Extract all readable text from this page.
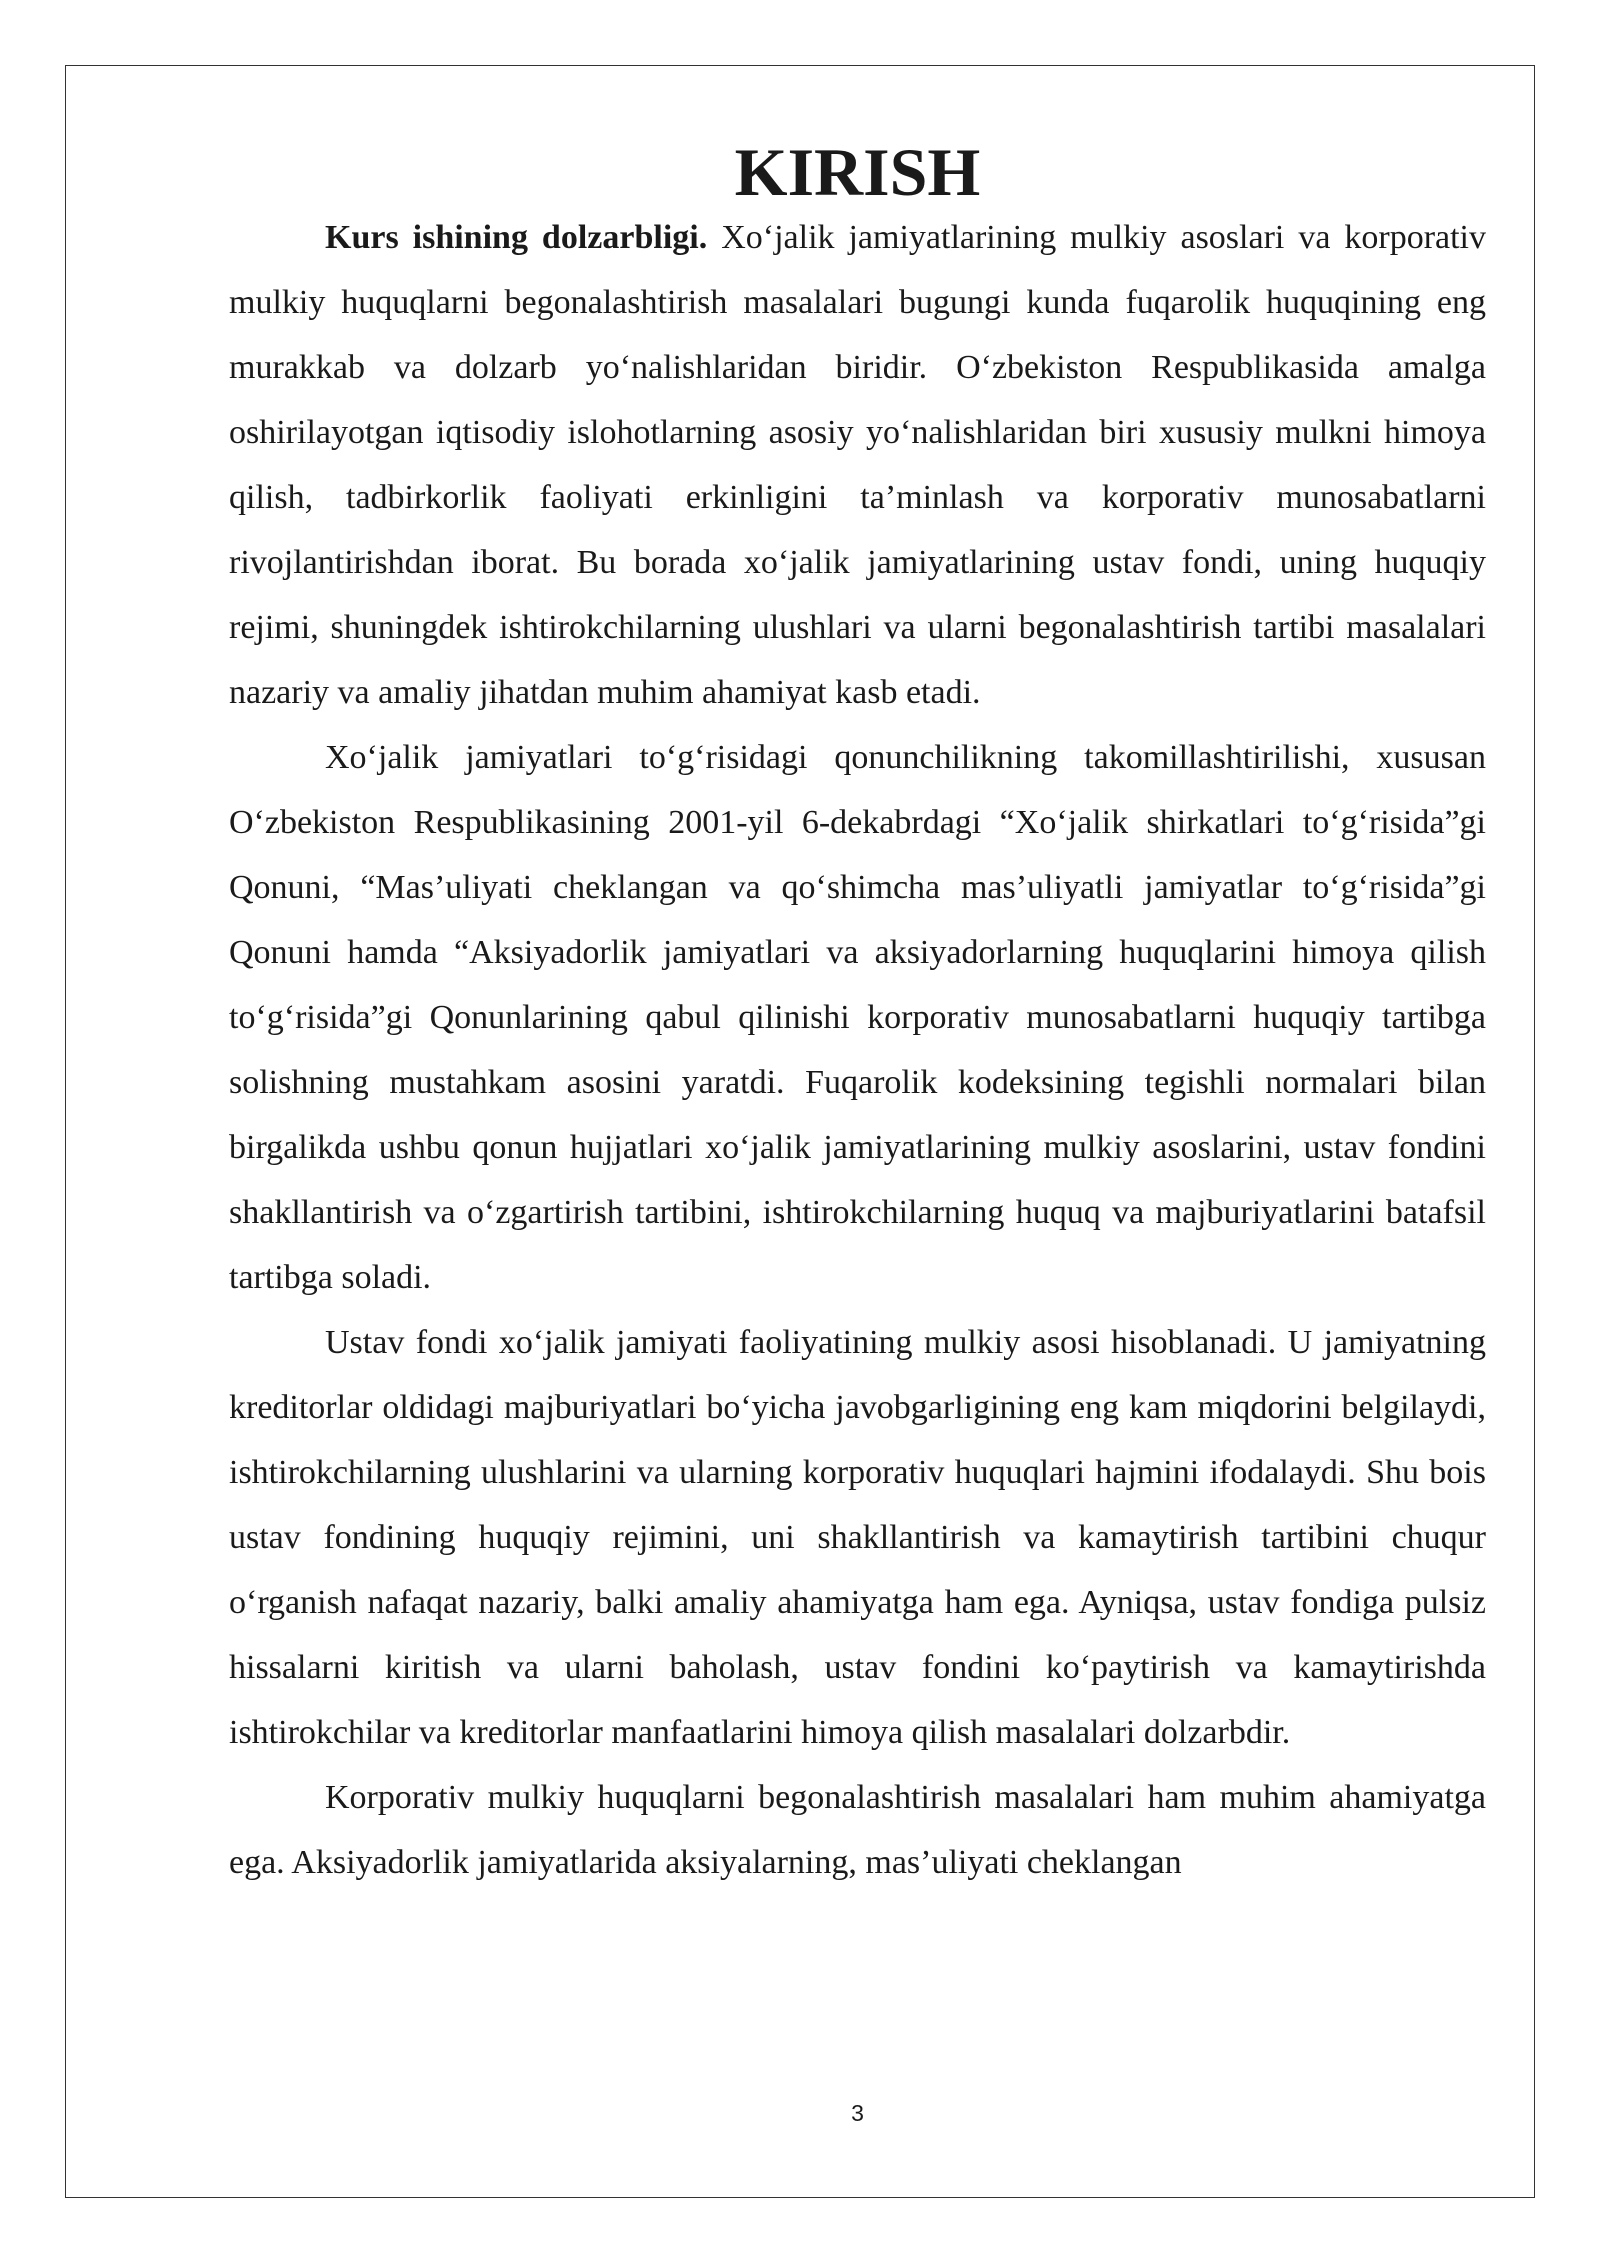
KIRISH

Kurs ishining dolzarbligi. Xo‘jalik jamiyatlarining mulkiy asoslari va korporativ mulkiy huquqlarni begonalashtirish masalalari bugungi kunda fuqarolik huquqining eng murakkab va dolzarb yo‘nalishlaridan biridir. O‘zbekiston Respublikasida amalga oshirilayotgan iqtisodiy islohotlarning asosiy yo‘nalishlaridan biri xususiy mulkni himoya qilish, tadbirkorlik faoliyati erkinligini ta’minlash va korporativ munosabatlarni rivojlantirishdan iborat. Bu borada xo‘jalik jamiyatlarining ustav fondi, uning huquqiy rejimi, shuningdek ishtirokchilarning ulushlari va ularni begonalashtirish tartibi masalalari nazariy va amaliy jihatdan muhim ahamiyat kasb etadi.

Xo‘jalik jamiyatlari to‘g‘risidagi qonunchilikning takomillashtirilishi, xususan O‘zbekiston Respublikasining 2001-yil 6-dekabrdagi “Xo‘jalik shirkatlari to‘g‘risida”gi Qonuni, “Mas’uliyati cheklangan va qo‘shimcha mas’uliyatli jamiyatlar to‘g‘risida”gi Qonuni hamda “Aksiyadorlik jamiyatlari va aksiyadorlarning huquqlarini himoya qilish to‘g‘risida”gi Qonunlarining qabul qilinishi korporativ munosabatlarni huquqiy tartibga solishning mustahkam asosini yaratdi. Fuqarolik kodeksining tegishli normalari bilan birgalikda ushbu qonun hujjatlari xo‘jalik jamiyatlarining mulkiy asoslarini, ustav fondini shakllantirish va o‘zgartirish tartibini, ishtirokchilarning huquq va majburiyatlarini batafsil tartibga soladi.

Ustav fondi xo‘jalik jamiyati faoliyatining mulkiy asosi hisoblanadi. U jamiyatning kreditorlar oldidagi majburiyatlari bo‘yicha javobgarligining eng kam miqdorini belgilaydi, ishtirokchilarning ulushlarini va ularning korporativ huquqlari hajmini ifodalaydi. Shu bois ustav fondining huquqiy rejimini, uni shakllantirish va kamaytirish tartibini chuqur o‘rganish nafaqat nazariy, balki amaliy ahamiyatga ham ega. Ayniqsa, ustav fondiga pulsiz hissalarni kiritish va ularni baholash, ustav fondini ko‘paytirish va kamaytirishda ishtirokchilar va kreditorlar manfaatlarini himoya qilish masalalari dolzarbdir.

Korporativ mulkiy huquqlarni begonalashtirish masalalari ham muhim ahamiyatga ega. Aksiyadorlik jamiyatlarida aksiyalarning, mas’uliyati cheklangan

3
